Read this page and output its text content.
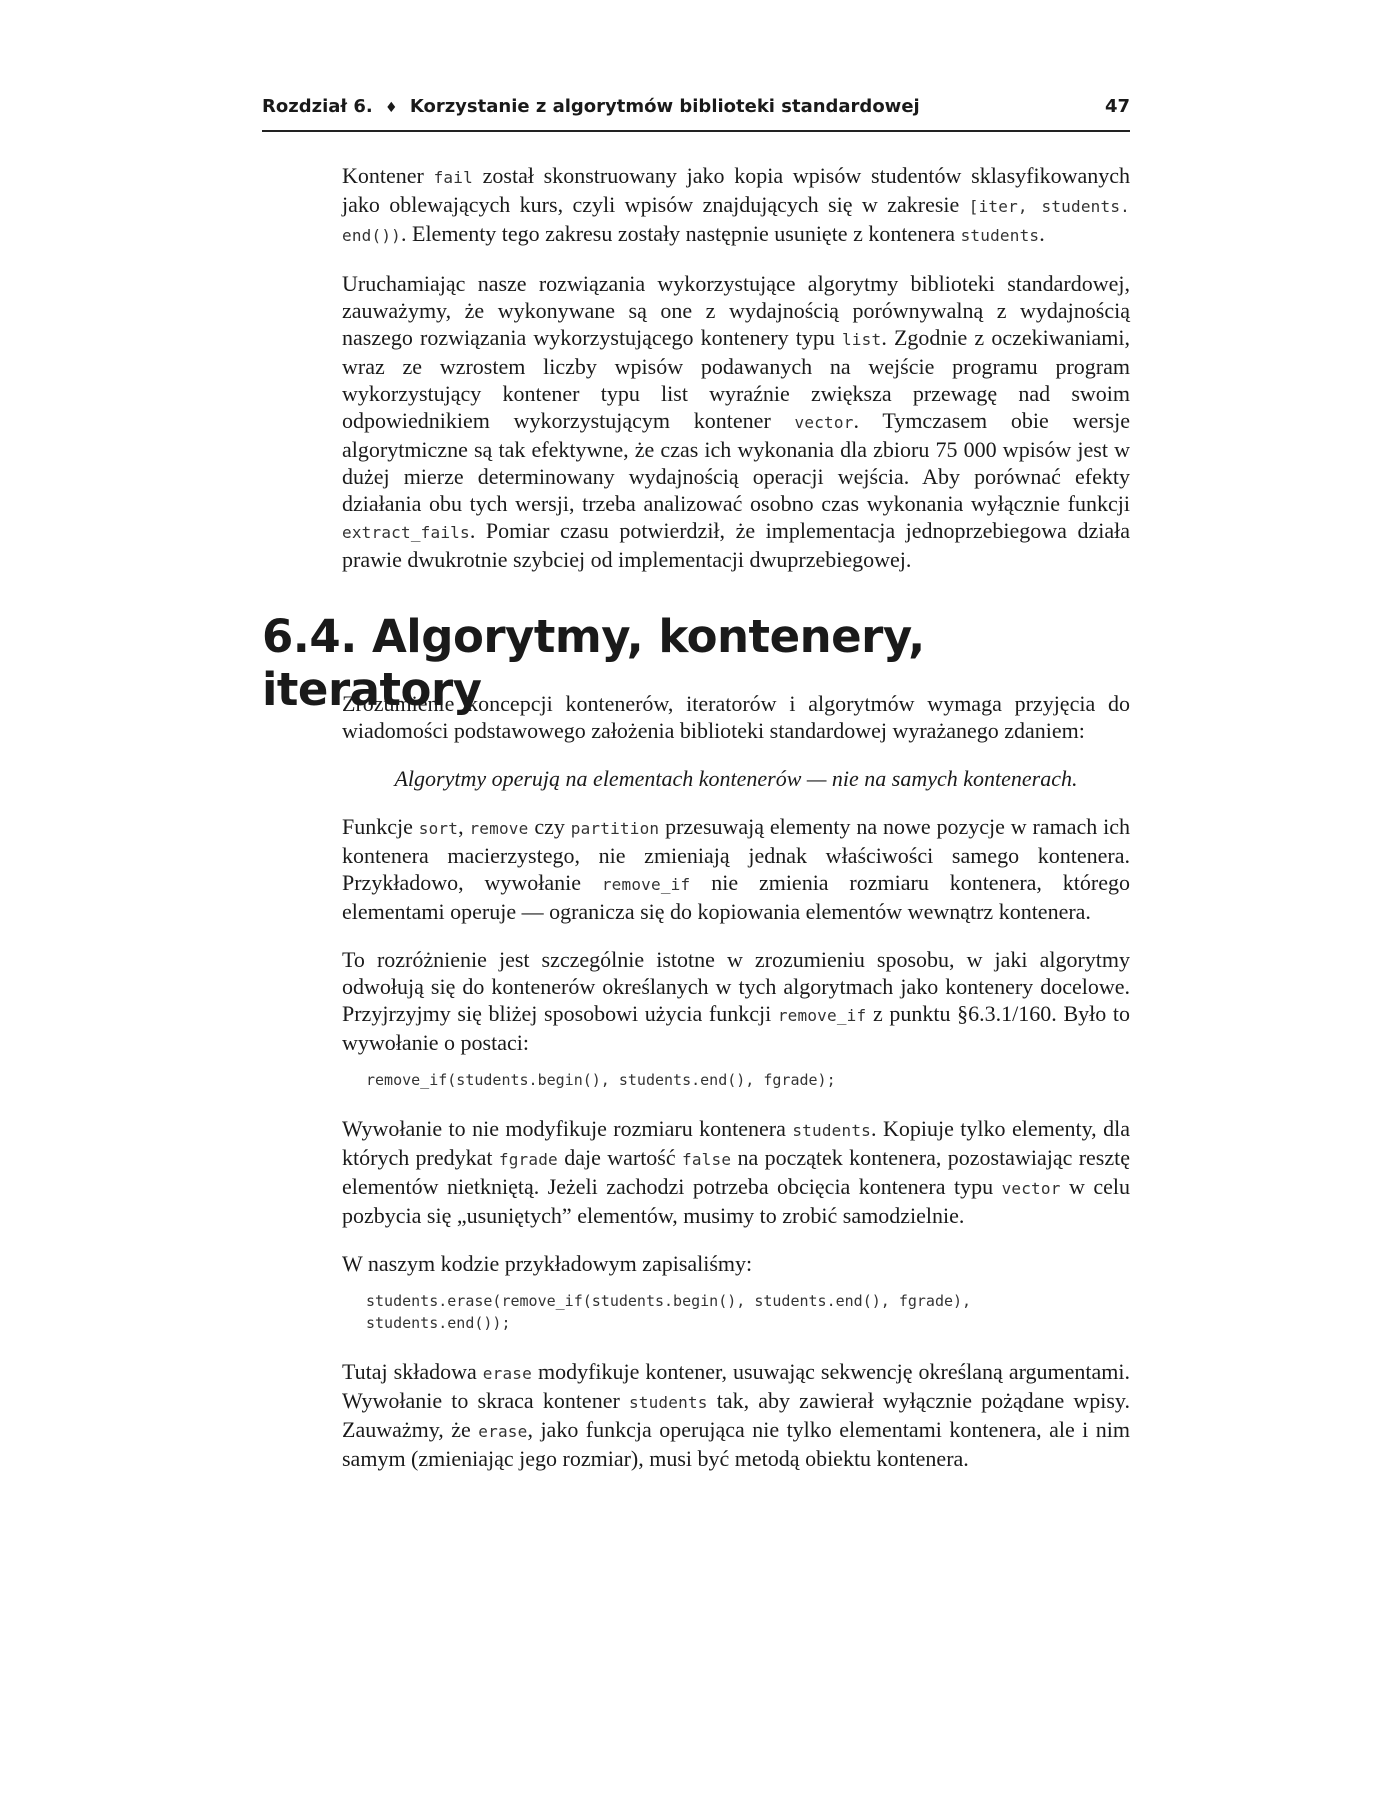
Rozdział 6. ♦ Korzystanie z algorytmów biblioteki standardowej	47

Kontener fail został skonstruowany jako kopia wpisów studentów sklasyfikowanych jako oblewających kurs, czyli wpisów znajdujących się w zakresie [iter, students. end()). Elementy tego zakresu zostały następnie usunięte z kontenera students.

Uruchamiając nasze rozwiązania wykorzystujące algorytmy biblioteki standardowej, zauważymy, że wykonywane są one z wydajnością porównywalną z wydajnością naszego rozwiązania wykorzystującego kontenery typu list. Zgodnie z oczekiwaniami, wraz ze wzrostem liczby wpisów podawanych na wejście programu program wykorzystujący kontener typu list wyraźnie zwiększa przewagę nad swoim odpowiednikiem wykorzystującym kontener vector. Tymczasem obie wersje algorytmiczne są tak efektywne, że czas ich wykonania dla zbioru 75 000 wpisów jest w dużej mierze determinowany wydajnością operacji wejścia. Aby porównać efekty działania obu tych wersji, trzeba analizować osobno czas wykonania wyłącznie funkcji extract_fails. Pomiar czasu potwierdził, że implementacja jednoprzebiegowa działa prawie dwukrotnie szybciej od implementacji dwuprzebiegowej.

6.4. Algorytmy, kontenery, iteratory

Zrozumienie koncepcji kontenerów, iteratorów i algorytmów wymaga przyjęcia do wiadomości podstawowego założenia biblioteki standardowej wyrażanego zdaniem:

Algorytmy operują na elementach kontenerów — nie na samych kontenerach.

Funkcje sort, remove czy partition przesuwają elementy na nowe pozycje w ramach ich kontenera macierzystego, nie zmieniają jednak właściwości samego kontenera. Przykładowo, wywołanie remove_if nie zmienia rozmiaru kontenera, którego elementami operuje — ogranicza się do kopiowania elementów wewnątrz kontenera.

To rozróżnienie jest szczególnie istotne w zrozumieniu sposobu, w jaki algorytmy odwołują się do kontenerów określanych w tych algorytmach jako kontenery docelowe. Przyjrzyjmy się bliżej sposobowi użycia funkcji remove_if z punktu §6.3.1/160. Było to wywołanie o postaci:

remove_if(students.begin(), students.end(), fgrade);

Wywołanie to nie modyfikuje rozmiaru kontenera students. Kopiuje tylko elementy, dla których predykat fgrade daje wartość false na początek kontenera, pozostawiając resztę elementów nietkniętą. Jeżeli zachodzi potrzeba obcięcia kontenera typu vector w celu pozbycia się „usuniętych” elementów, musimy to zrobić samodzielnie.

W naszym kodzie przykładowym zapisaliśmy:

students.erase(remove_if(students.begin(), students.end(), fgrade),
students.end());

Tutaj składowa erase modyfikuje kontener, usuwając sekwencję określaną argumentami. Wywołanie to skraca kontener students tak, aby zawierał wyłącznie pożądane wpisy. Zauważmy, że erase, jako funkcja operująca nie tylko elementami kontenera, ale i nim samym (zmieniając jego rozmiar), musi być metodą obiektu kontenera.
